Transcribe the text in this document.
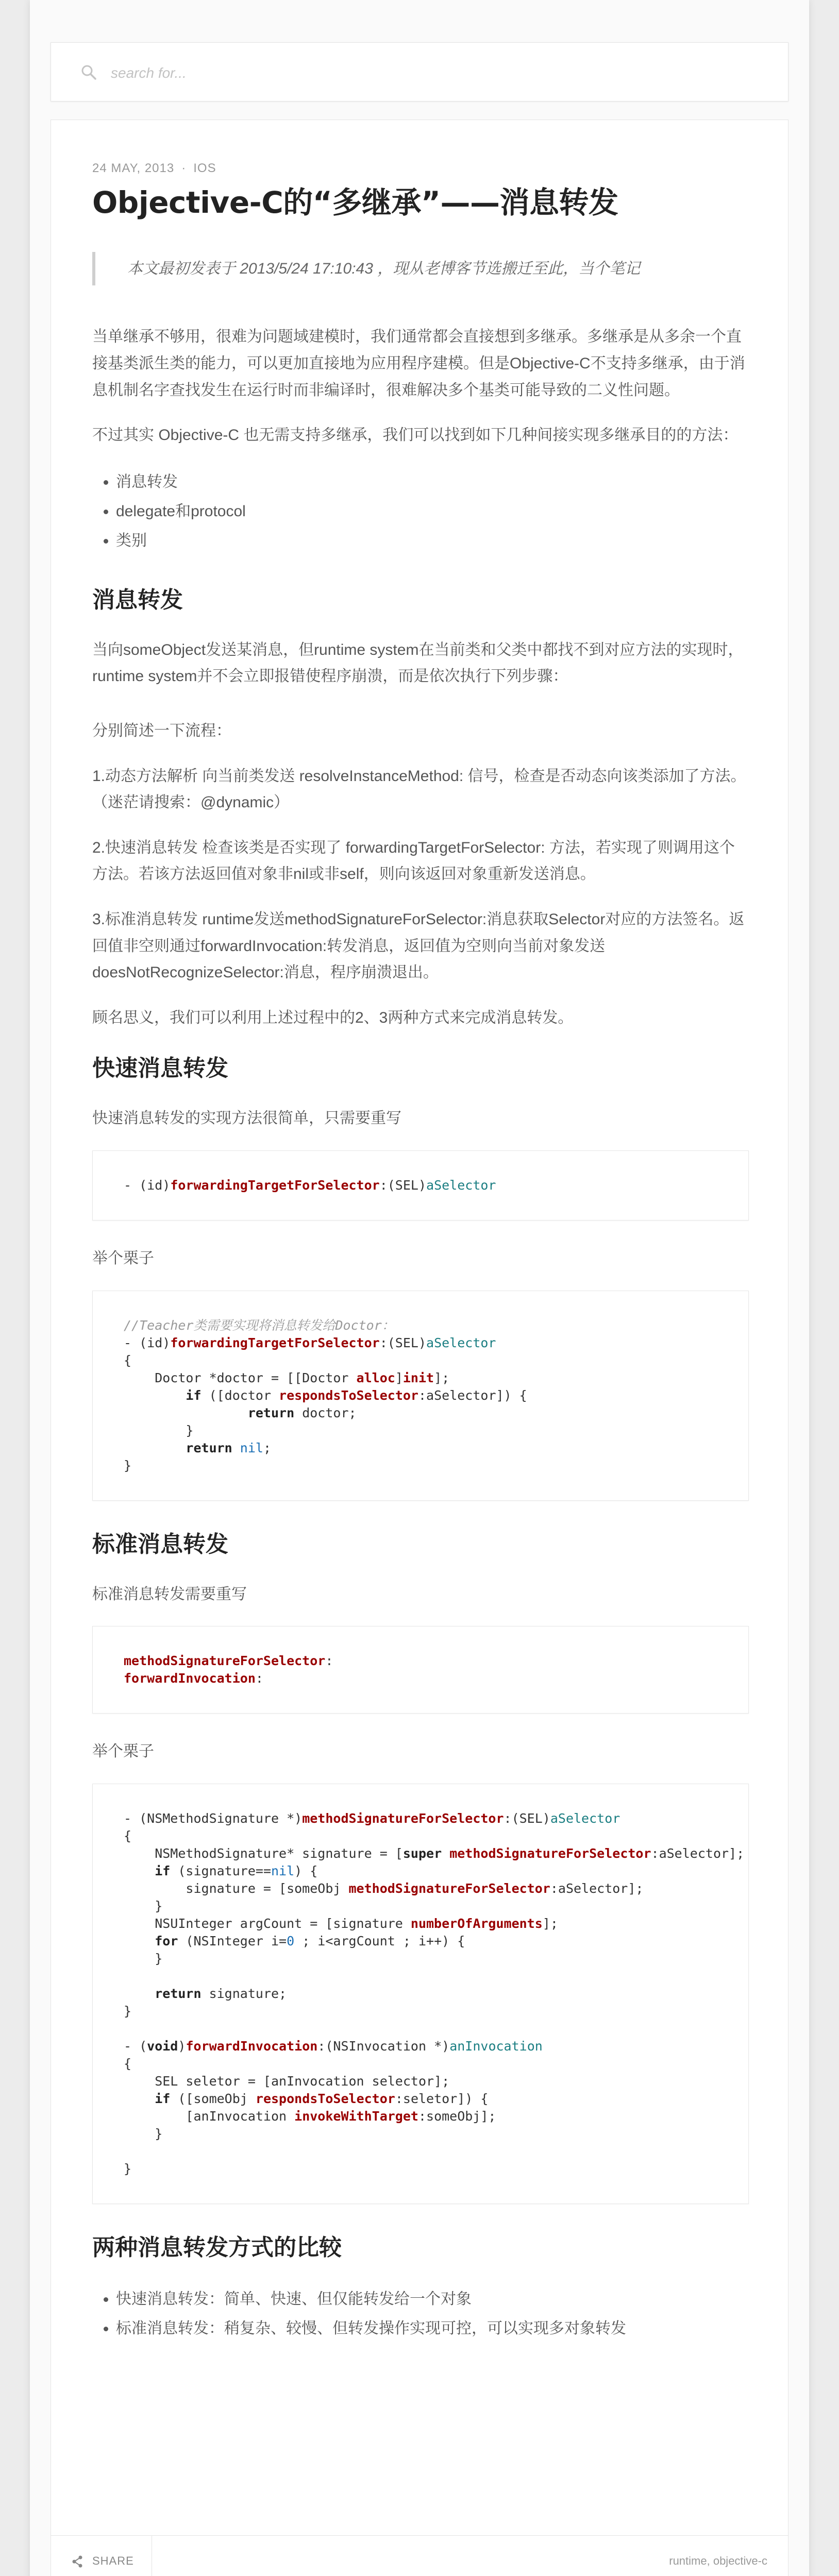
search for...
24 MAY, 2013 · IOS
Objective-C的“多继承”——消息转发
本文最初发表于 2013/5/24 17:10:43 ，现从老博客节选搬迁至此，当个笔记

当单继承不够用，很难为问题域建模时，我们通常都会直接想到多继承。多继承是从多余一个直接基类派生类的能力，可以更加直接地为应用程序建模。但是Objective-C不支持多继承，由于消息机制名字查找发生在运行时而非编译时，很难解决多个基类可能导致的二义性问题。

不过其实 Objective-C 也无需支持多继承，我们可以找到如下几种间接实现多继承目的的方法：

• 消息转发
• delegate和protocol
• 类别
消息转发

当向someObject发送某消息，但runtime system在当前类和父类中都找不到对应方法的实现时，runtime system并不会立即报错使程序崩溃，而是依次执行下列步骤：

分别简述一下流程：

1.动态方法解析 向当前类发送 resolveInstanceMethod: 信号，检查是否动态向该类添加了方法。（迷茫请搜索：@dynamic）

2.快速消息转发 检查该类是否实现了 forwardingTargetForSelector: 方法，若实现了则调用这个方法。若该方法返回值对象非nil或非self，则向该返回对象重新发送消息。

3.标准消息转发 runtime发送methodSignatureForSelector:消息获取Selector对应的方法签名。返回值非空则通过forwardInvocation:转发消息，返回值为空则向当前对象发送doesNotRecognizeSelector:消息，程序崩溃退出。

顾名思义，我们可以利用上述过程中的2、3两种方式来完成消息转发。

快速消息转发

快速消息转发的实现方法很简单，只需要重写

- (id)forwardingTargetForSelector:(SEL)aSelector

举个栗子

//Teacher类需要实现将消息转发给Doctor：
- (id)forwardingTargetForSelector:(SEL)aSelector
{
Doctor *doctor = [[Doctor alloc]init];
if ([doctor respondsToSelector:aSelector]) {
return doctor;
}
return nil;
}
标准消息转发

标准消息转发需要重写

methodSignatureForSelector:
forwardInvocation:

举个栗子

- (NSMethodSignature *)methodSignatureForSelector:(SEL)aSelector
{
NSMethodSignature* signature = [super methodSignatureForSelector:aSelector];
if (signature==nil) {
signature = [someObj methodSignatureForSelector:aSelector];
}
NSUInteger argCount = [signature numberOfArguments];
for (NSInteger i=0 ; i<argCount ; i++) {
}

return signature;
}

- (void)forwardInvocation:(NSInvocation *)anInvocation
{
SEL seletor = [anInvocation selector];
if ([someObj respondsToSelector:seletor]) {
[anInvocation invokeWithTarget:someObj];
}

}
两种消息转发方式的比较
• 快速消息转发：简单、快速、但仅能转发给一个对象
• 标准消息转发：稍复杂、较慢、但转发操作实现可控，可以实现多对象转发
SHARE	runtime, objective-c
